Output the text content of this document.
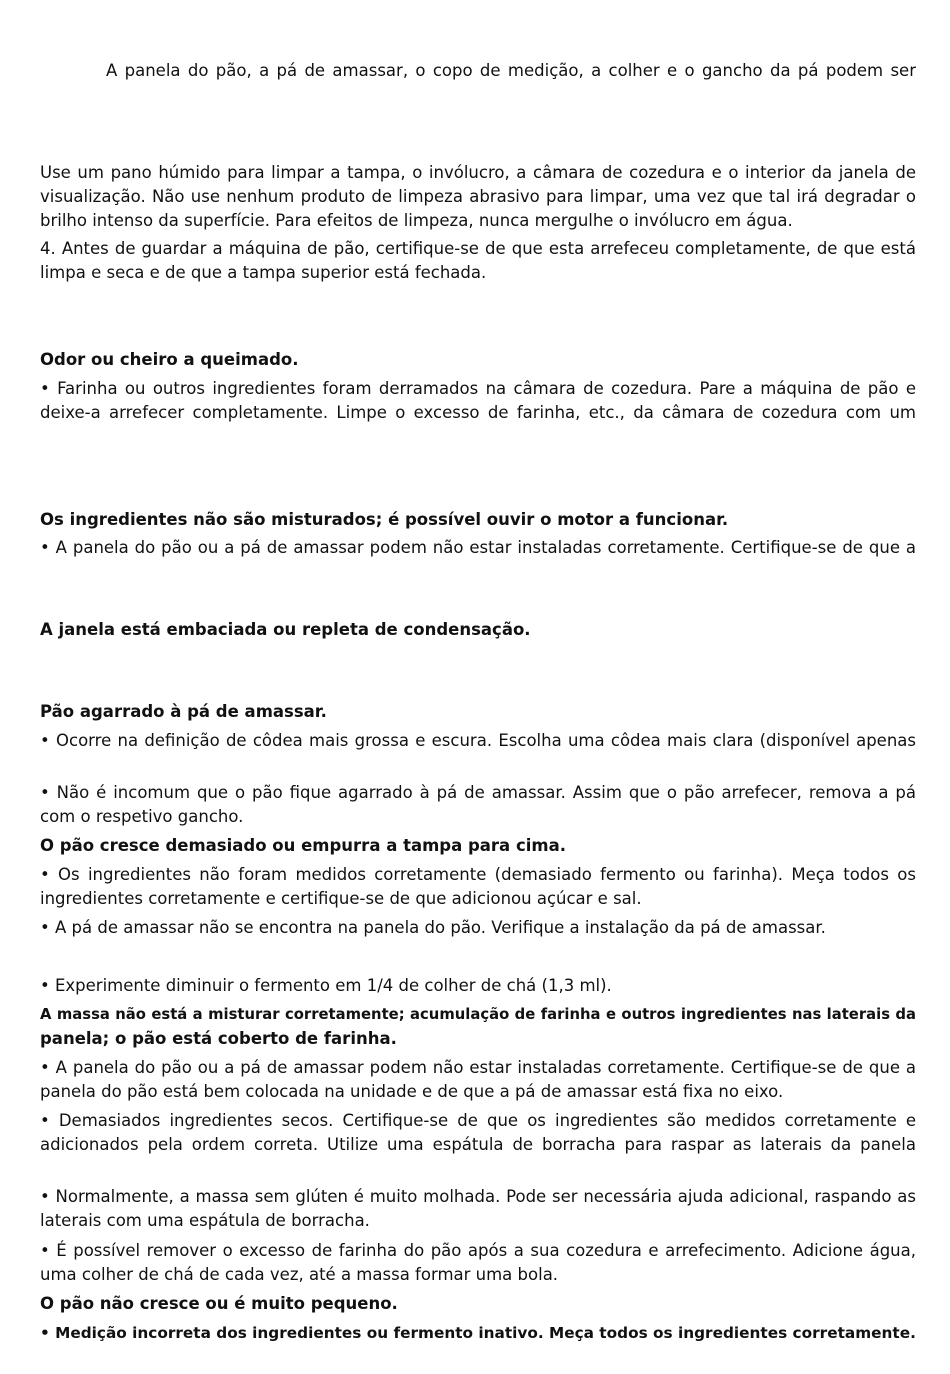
A panela do pão, a pá de amassar, o copo de medição, a colher e o gancho da pá podem ser
Use um pano húmido para limpar a tampa, o invólucro, a câmara de cozedura e o interior da janela de
visualização. Não use nenhum produto de limpeza abrasivo para limpar, uma vez que tal irá degradar o
brilho intenso da superfície. Para efeitos de limpeza, nunca mergulhe o invólucro em água.
4. Antes de guardar a máquina de pão, certifique-se de que esta arrefeceu completamente, de que está
limpa e seca e de que a tampa superior está fechada.
Odor ou cheiro a queimado.
• Farinha ou outros ingredientes foram derramados na câmara de cozedura. Pare a máquina de pão e
deixe-a arrefecer completamente. Limpe o excesso de farinha, etc., da câmara de cozedura com um
Os ingredientes não são misturados; é possível ouvir o motor a funcionar.
• A panela do pão ou a pá de amassar podem não estar instaladas corretamente. Certifique-se de que a
A janela está embaciada ou repleta de condensação.
Pão agarrado à pá de amassar.
• Ocorre na definição de côdea mais grossa e escura. Escolha uma côdea mais clara (disponível apenas
• Não é incomum que o pão fique agarrado à pá de amassar. Assim que o pão arrefecer, remova a pá
com o respetivo gancho.
O pão cresce demasiado ou empurra a tampa para cima.
• Os ingredientes não foram medidos corretamente (demasiado fermento ou farinha). Meça todos os
ingredientes corretamente e certifique-se de que adicionou açúcar e sal.
• A pá de amassar não se encontra na panela do pão. Verifique a instalação da pá de amassar.
• Experimente diminuir o fermento em 1/4 de colher de chá (1,3 ml).
A massa não está a misturar corretamente; acumulação de farinha e outros ingredientes nas laterais da
panela; o pão está coberto de farinha.
• A panela do pão ou a pá de amassar podem não estar instaladas corretamente. Certifique-se de que a
panela do pão está bem colocada na unidade e de que a pá de amassar está fixa no eixo.
• Demasiados ingredientes secos. Certifique-se de que os ingredientes são medidos corretamente e
adicionados pela ordem correta. Utilize uma espátula de borracha para raspar as laterais da panela
• Normalmente, a massa sem glúten é muito molhada. Pode ser necessária ajuda adicional, raspando as
laterais com uma espátula de borracha.
• É possível remover o excesso de farinha do pão após a sua cozedura e arrefecimento. Adicione água,
uma colher de chá de cada vez, até a massa formar uma bola.
O pão não cresce ou é muito pequeno.
• Medição incorreta dos ingredientes ou fermento inativo. Meça todos os ingredientes corretamente.
